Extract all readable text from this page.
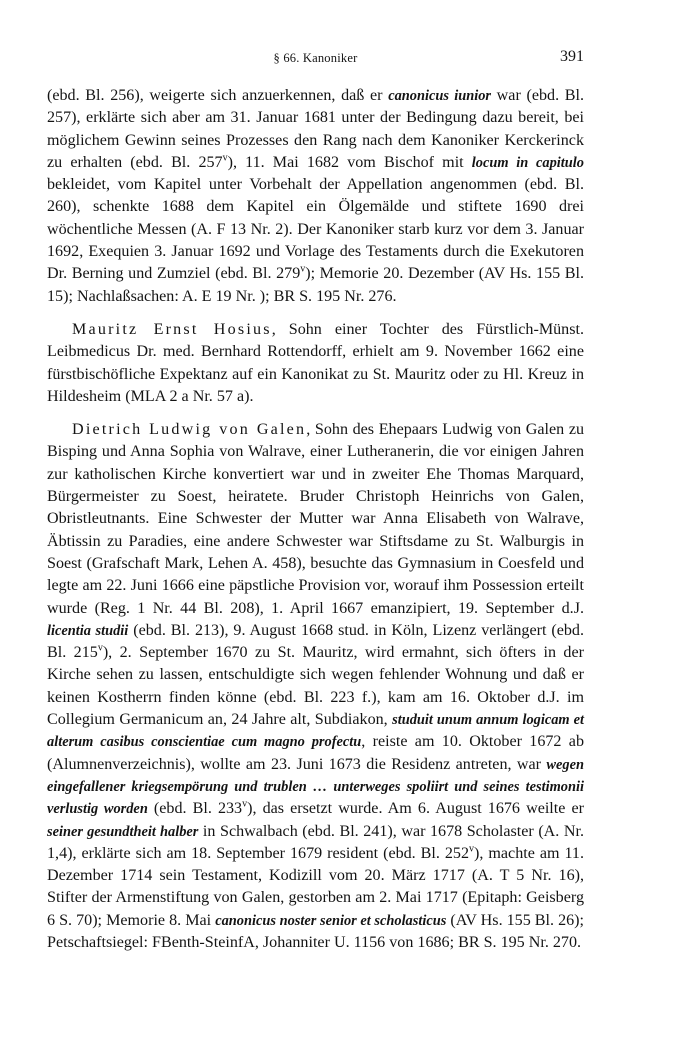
§ 66. Kanoniker	391

(ebd. Bl. 256), weigerte sich anzuerkennen, daß er canonicus iunior war (ebd. Bl. 257), erklärte sich aber am 31. Januar 1681 unter der Bedingung dazu bereit, bei möglichem Gewinn seines Prozesses den Rang nach dem Kanoniker Kerckerinck zu erhalten (ebd. Bl. 257$^v$), 11. Mai 1682 vom Bischof mit locum in capitulo bekleidet, vom Kapitel unter Vorbehalt der Appellation angenommen (ebd. Bl. 260), schenkte 1688 dem Kapitel ein Ölgemälde und stiftete 1690 drei wöchentliche Messen (A. F 13 Nr. 2). Der Kanoniker starb kurz vor dem 3. Januar 1692, Exequien 3. Januar 1692 und Vorlage des Testaments durch die Exekutoren Dr. Berning und Zumziel (ebd. Bl. 279$^v$); Memorie 20. Dezember (AV Hs. 155 Bl. 15); Nachlaßsachen: A. E 19 Nr. ); BR S. 195 Nr. 276.

Mauritz Ernst Hosius, Sohn einer Tochter des Fürstlich-Münst. Leibmedicus Dr. med. Bernhard Rottendorff, erhielt am 9. November 1662 eine fürstbischöfliche Expektanz auf ein Kanonikat zu St. Mauritz oder zu Hl. Kreuz in Hildesheim (MLA 2 a Nr. 57 a).

Dietrich Ludwig von Galen, Sohn des Ehepaars Ludwig von Galen zu Bisping und Anna Sophia von Walrave, einer Lutheranerin, die vor einigen Jahren zur katholischen Kirche konvertiert war und in zweiter Ehe Thomas Marquard, Bürgermeister zu Soest, heiratete. Bruder Christoph Heinrichs von Galen, Obristleutnants. Eine Schwester der Mutter war Anna Elisabeth von Walrave, Äbtissin zu Paradies, eine andere Schwester war Stiftsdame zu St. Walburgis in Soest (Grafschaft Mark, Lehen A. 458), besuchte das Gymnasium in Coesfeld und legte am 22. Juni 1666 eine päpstliche Provision vor, worauf ihm Possession erteilt wurde (Reg. 1 Nr. 44 Bl. 208), 1. April 1667 emanzipiert, 19. September d.J. licentia studii (ebd. Bl. 213), 9. August 1668 stud. in Köln, Lizenz verlängert (ebd. Bl. 215$^v$), 2. September 1670 zu St. Mauritz, wird ermahnt, sich öfters in der Kirche sehen zu lassen, entschuldigte sich wegen fehlender Wohnung und daß er keinen Kostherrn finden könne (ebd. Bl. 223 f.), kam am 16. Oktober d.J. im Collegium Germanicum an, 24 Jahre alt, Subdiakon, studuit unum annum logicam et alterum casibus conscientiae cum magno profectu, reiste am 10. Oktober 1672 ab (Alumnenverzeichnis), wollte am 23. Juni 1673 die Residenz antreten, war wegen eingefallener kriegsempörung und trublen … unterweges spoliirt und seines testimonii verlustig worden (ebd. Bl. 233$^v$), das ersetzt wurde. Am 6. August 1676 weilte er seiner gesundtheit halber in Schwalbach (ebd. Bl. 241), war 1678 Scholaster (A. Nr. 1,4), erklärte sich am 18. September 1679 resident (ebd. Bl. 252$^v$), machte am 11. Dezember 1714 sein Testament, Kodizill vom 20. März 1717 (A. T 5 Nr. 16), Stifter der Armenstiftung von Galen, gestorben am 2. Mai 1717 (Epitaph: Geisberg 6 S. 70); Memorie 8. Mai canonicus noster senior et scholasticus (AV Hs. 155 Bl. 26); Petschaftsiegel: FBenth-SteinfA, Johanniter U. 1156 von 1686; BR S. 195 Nr. 270.
